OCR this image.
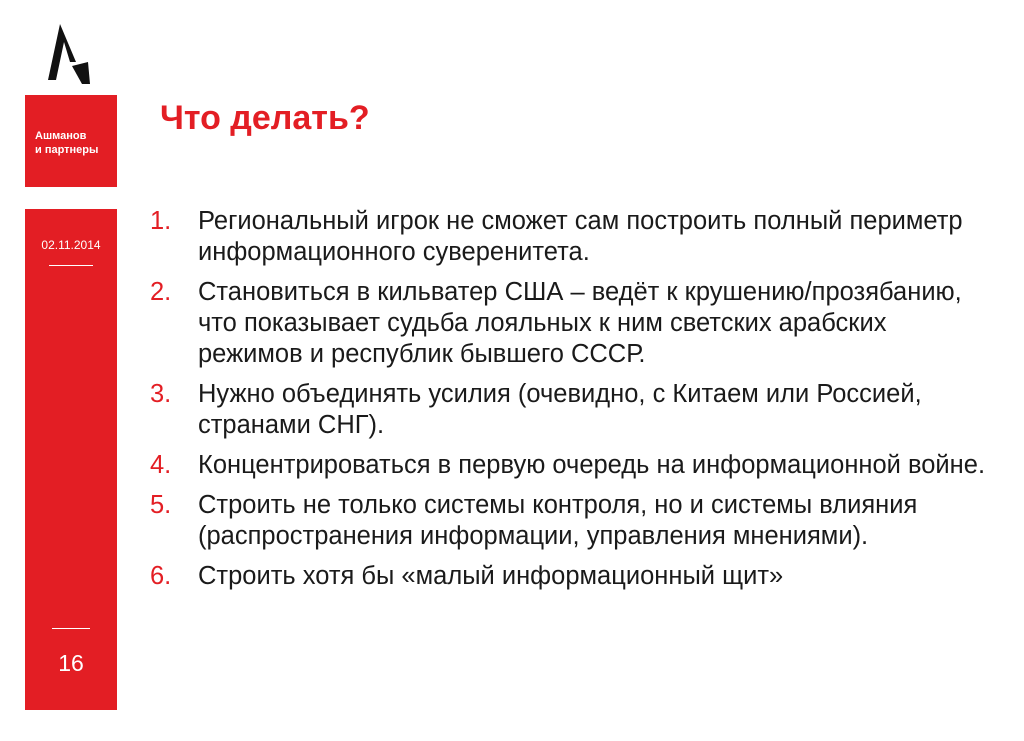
Ашманов
и партнеры
02.11.2014
16
Что делать?
1.	Региональный игрок не сможет сам построить полный периметр информационного суверенитета.
2.	Становиться в кильватер США – ведёт к крушению/прозябанию, что показывает судьба лояльных к ним светских арабских режимов и республик бывшего СССР.
3.	Нужно объединять усилия (очевидно, с Китаем или Россией, странами СНГ).
4.	Концентрироваться в первую очередь на информационной войне.
5.	Строить не только системы контроля, но и системы влияния (распространения информации, управления мнениями).
6.	Строить хотя бы «малый информационный щит»
